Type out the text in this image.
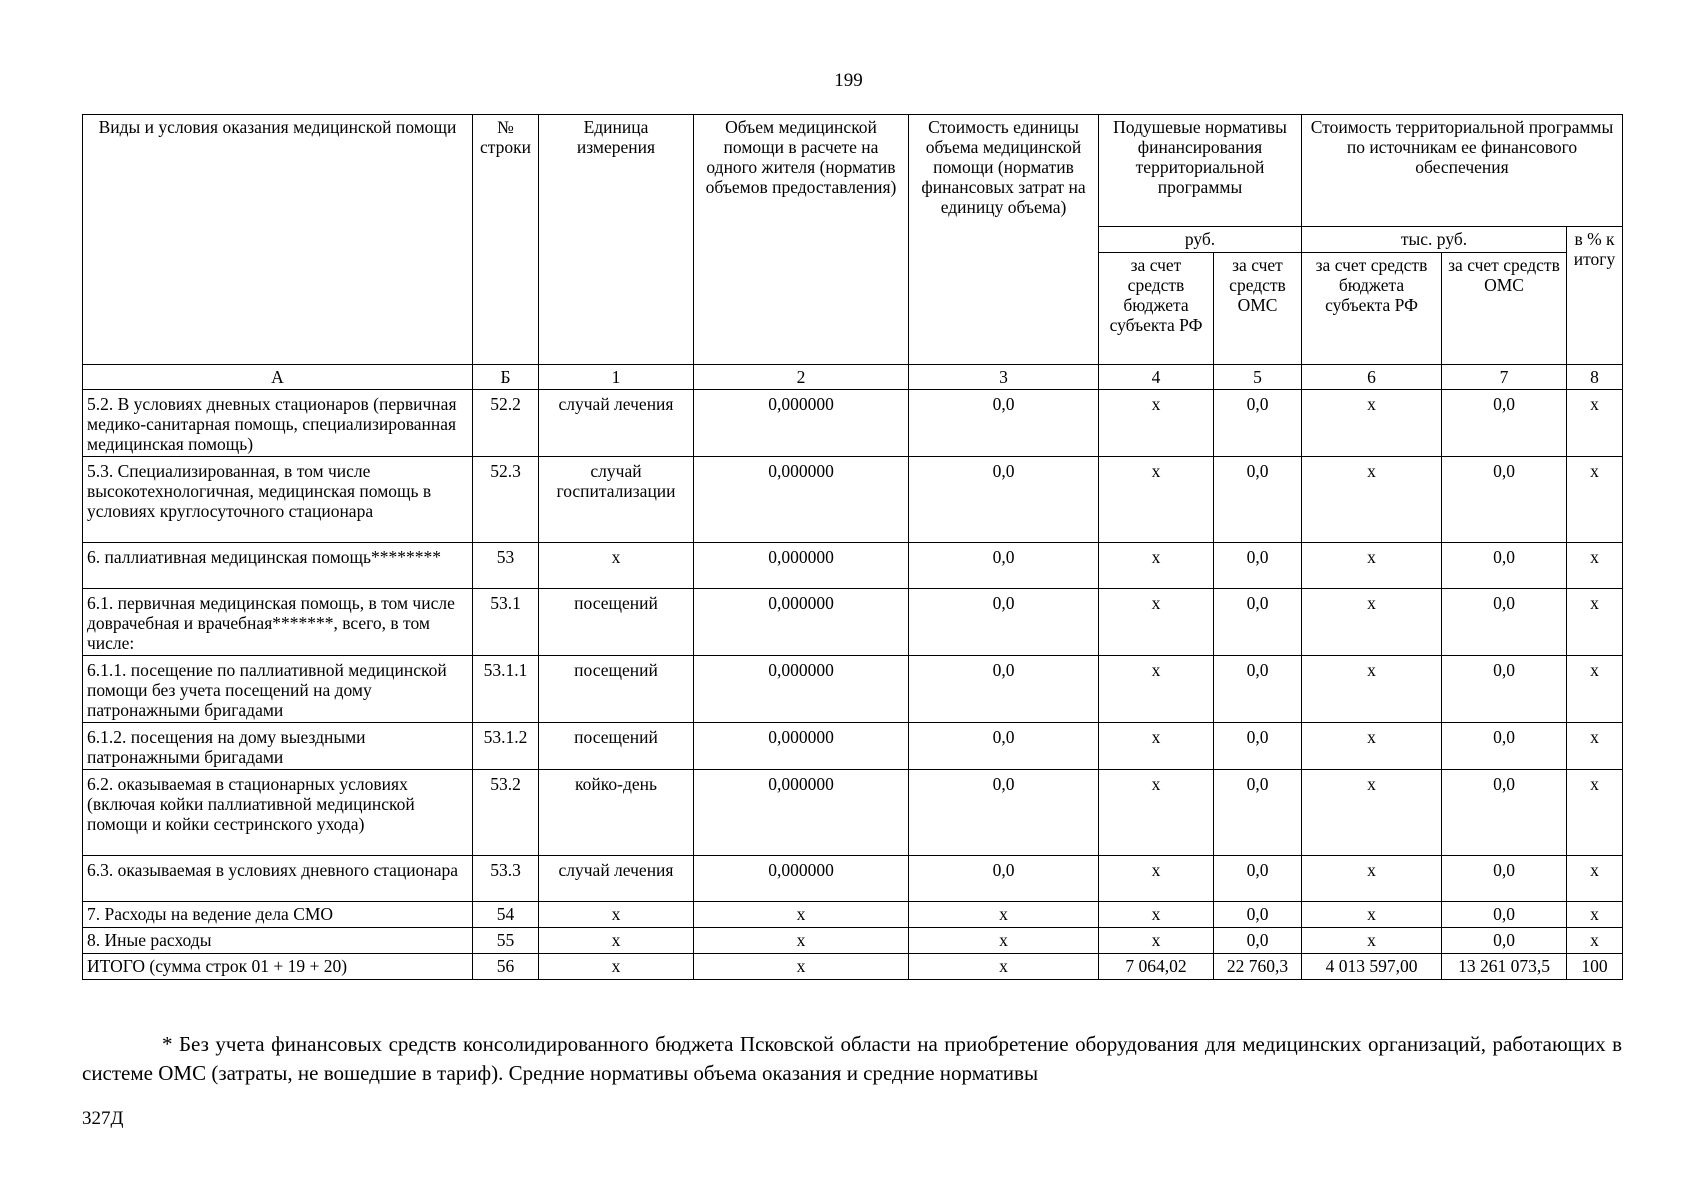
199
Виды и условия оказания медицинской помощи	№ строки	Единица измерения	Объем медицинской помощи в расчете на одного жителя (норматив объемов предоставления)	Стоимость единицы объема медицинской помощи (норматив финансовых затрат на единицу объема)	Подушевые нормативы финансирования территориальной программы		Стоимость территориальной программы по источникам ее финансового обеспечения		
					руб.		тыс. руб.		в % к итогу
					за счет средств бюджета субъекта РФ	за счет средств ОМС	за счет средств бюджета субъекта РФ	за счет средств ОМС	
А	Б	1	2	3	4	5	6	7	8
5.2. В условиях дневных стационаров (первичная медико-санитарная помощь, специализированная медицинская помощь)	52.2	случай лечения	0,000000	0,0	х	0,0	х	0,0	х
5.3. Специализированная, в том числе высокотехнологичная, медицинская помощь в условиях круглосуточного стационара	52.3	случай госпитализации	0,000000	0,0	х	0,0	х	0,0	х
6. паллиативная медицинская помощь********	53	х	0,000000	0,0	х	0,0	х	0,0	х
6.1. первичная медицинская помощь, в том числе доврачебная и врачебная*******, всего, в том числе:	53.1	посещений	0,000000	0,0	х	0,0	х	0,0	х
6.1.1. посещение по паллиативной медицинской помощи без учета посещений на дому патронажными бригадами	53.1.1	посещений	0,000000	0,0	х	0,0	х	0,0	х
6.1.2. посещения на дому выездными патронажными бригадами	53.1.2	посещений	0,000000	0,0	х	0,0	х	0,0	х
6.2. оказываемая в стационарных условиях (включая койки паллиативной медицинской помощи и койки сестринского ухода)	53.2	койко-день	0,000000	0,0	х	0,0	х	0,0	х
6.3. оказываемая в условиях дневного стационара	53.3	случай лечения	0,000000	0,0	х	0,0	х	0,0	х
7. Расходы на ведение дела СМО	54	х	х	х	х	0,0	х	0,0	х
8. Иные расходы	55	х	х	х	х	0,0	х	0,0	х
ИТОГО (сумма строк 01 + 19 + 20)	56	х	х	х	7 064,02	22 760,3	4 013 597,00	13 261 073,5	100
* Без учета финансовых средств консолидированного бюджета Псковской области на приобретение оборудования для медицинских организаций, работающих в системе ОМС (затраты, не вошедшие в тариф). Средние нормативы объема оказания и средние нормативы
327Д
